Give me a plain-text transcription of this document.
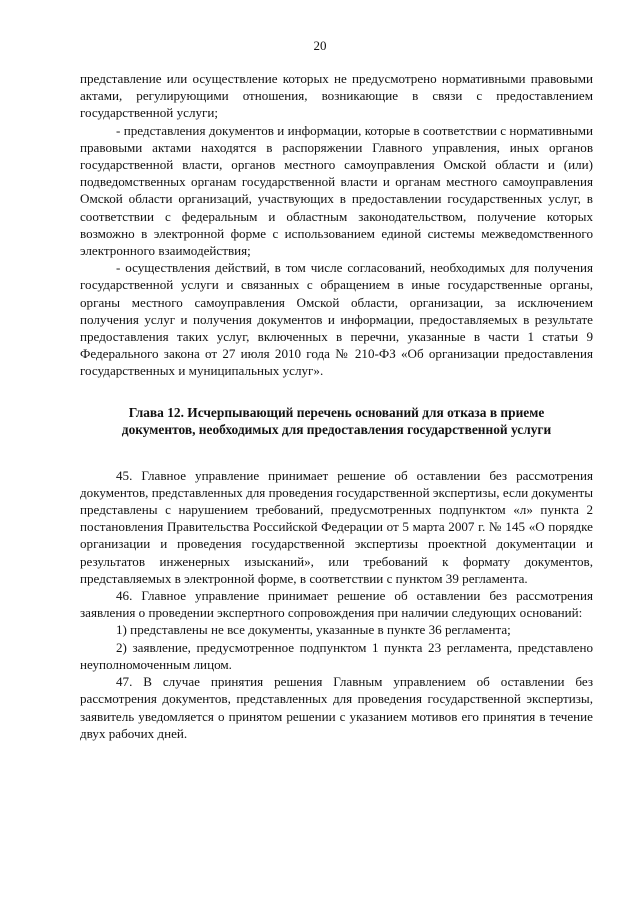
20

представление или осуществление которых не предусмотрено нормативными правовыми актами, регулирующими отношения, возникающие в связи с предоставлением государственной услуги;

- представления документов и информации, которые в соответствии с нормативными правовыми актами находятся в распоряжении Главного управления, иных органов государственной власти, органов местного самоуправления Омской области и (или) подведомственных органам государственной власти и органам местного самоуправления Омской области организаций, участвующих в предоставлении государственных услуг, в соответствии с федеральным и областным законодательством, получение которых возможно в электронной форме с использованием единой системы межведомственного электронного взаимодействия;

- осуществления действий, в том числе согласований, необходимых для получения государственной услуги и связанных с обращением в иные государственные органы, органы местного самоуправления Омской области, организации, за исключением получения услуг и получения документов и информации, предоставляемых в результате предоставления таких услуг, включенных в перечни, указанные в части 1 статьи 9 Федерального закона от 27 июля 2010 года № 210-ФЗ «Об организации предоставления государственных и муниципальных услуг».

Глава 12. Исчерпывающий перечень оснований для отказа в приеме документов, необходимых для предоставления государственной услуги

45. Главное управление принимает решение об оставлении без рассмотрения документов, представленных для проведения государственной экспертизы, если документы представлены с нарушением требований, предусмотренных подпунктом «л» пункта 2 постановления Правительства Российской Федерации от 5 марта 2007 г. № 145 «О порядке организации и проведения государственной экспертизы проектной документации и результатов инженерных изысканий», или требований к формату документов, представляемых в электронной форме, в соответствии с пунктом 39 регламента.

46. Главное управление принимает решение об оставлении без рассмотрения заявления о проведении экспертного сопровождения при наличии следующих оснований:

1) представлены не все документы, указанные в пункте 36 регламента;

2) заявление, предусмотренное подпунктом 1 пункта 23 регламента, представлено неуполномоченным лицом.

47. В случае принятия решения Главным управлением об оставлении без рассмотрения документов, представленных для проведения государственной экспертизы, заявитель уведомляется о принятом решении с указанием мотивов его принятия в течение двух рабочих дней.
